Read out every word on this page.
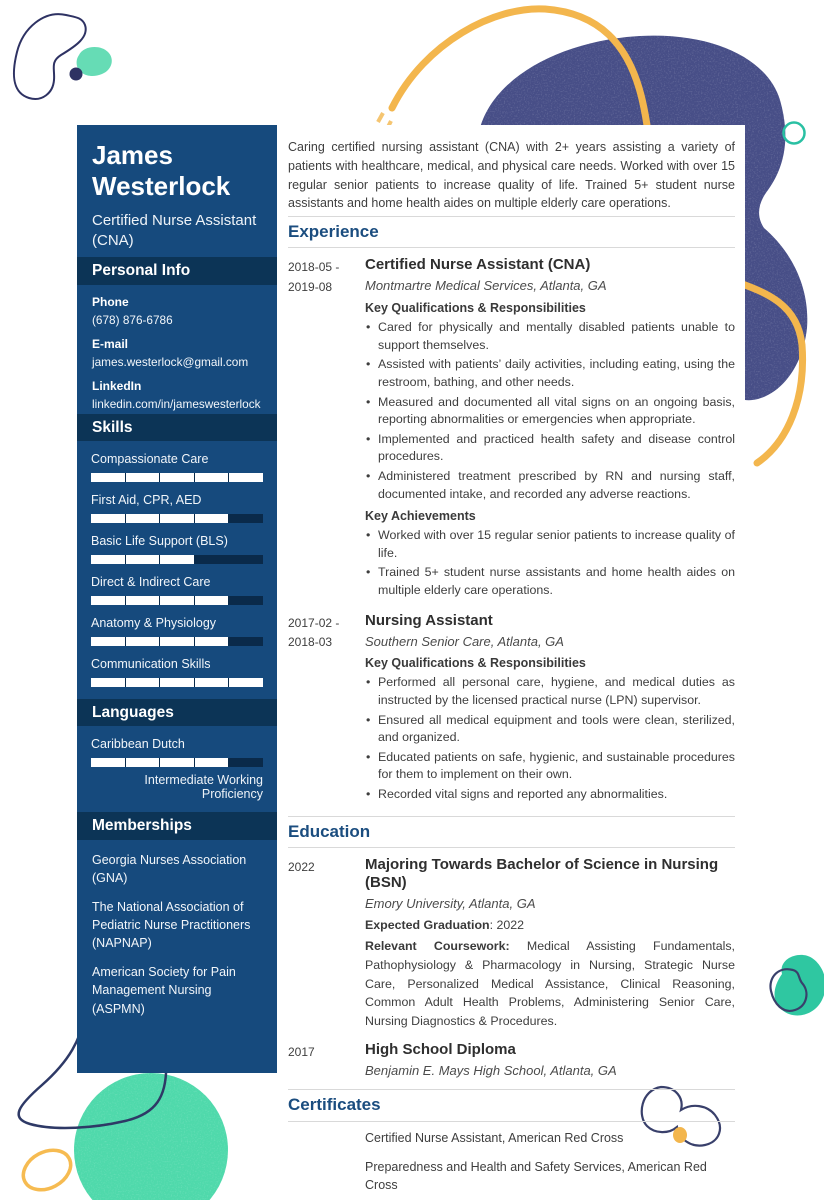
James Westerlock
Certified Nurse Assistant (CNA)
Personal Info
Phone
(678) 876-6786
E-mail
james.westerlock@gmail.com
LinkedIn
linkedin.com/in/jameswesterlock
Skills
Compassionate Care
First Aid, CPR, AED
Basic Life Support (BLS)
Direct & Indirect Care
Anatomy & Physiology
Communication Skills
Languages
Caribbean Dutch
Intermediate Working Proficiency
Memberships
Georgia Nurses Association (GNA)
The National Association of Pediatric Nurse Practitioners (NAPNAP)
American Society for Pain Management Nursing (ASPMN)

Caring certified nursing assistant (CNA) with 2+ years assisting a variety of patients with healthcare, medical, and physical care needs. Worked with over 15 regular senior patients to increase quality of life. Trained 5+ student nurse assistants and home health aides on multiple elderly care operations.

Experience
2018-05 -
2019-08
Certified Nurse Assistant (CNA)
Montmartre Medical Services, Atlanta, GA
Key Qualifications & Responsibilities
• Cared for physically and mentally disabled patients unable to support themselves.
• Assisted with patients’ daily activities, including eating, using the restroom, bathing, and other needs.
• Measured and documented all vital signs on an ongoing basis, reporting abnormalities or emergencies when appropriate.
• Implemented and practiced health safety and disease control procedures.
• Administered treatment prescribed by RN and nursing staff, documented intake, and recorded any adverse reactions.
Key Achievements
• Worked with over 15 regular senior patients to increase quality of life.
• Trained 5+ student nurse assistants and home health aides on multiple elderly care operations.
2017-02 -
2018-03
Nursing Assistant
Southern Senior Care, Atlanta, GA
Key Qualifications & Responsibilities
• Performed all personal care, hygiene, and medical duties as instructed by the licensed practical nurse (LPN) supervisor.
• Ensured all medical equipment and tools were clean, sterilized, and organized.
• Educated patients on safe, hygienic, and sustainable procedures for them to implement on their own.
• Recorded vital signs and reported any abnormalities.
Education
2022	Majoring Towards Bachelor of Science in Nursing (BSN)
Emory University, Atlanta, GA
Expected Graduation: 2022
Relevant Coursework: Medical Assisting Fundamentals, Pathophysiology & Pharmacology in Nursing, Strategic Nurse Care, Personalized Medical Assistance, Clinical Reasoning, Common Adult Health Problems, Administering Senior Care, Nursing Diagnostics & Procedures.
2017	High School Diploma
Benjamin E. Mays High School, Atlanta, GA
Certificates
Certified Nurse Assistant, American Red Cross
Preparedness and Health and Safety Services, American Red Cross
